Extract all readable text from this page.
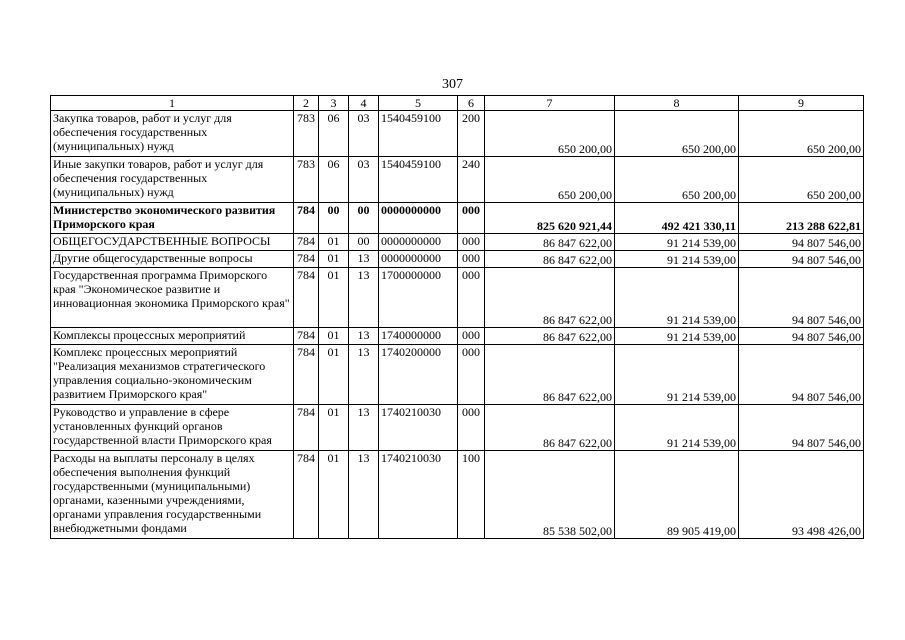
307
1	2	3	4	5	6	7	8	9
Закупка товаров, работ и услуг для обеспечения государственных (муниципальных) нужд	783	06	03	1540459100	200	650 200,00	650 200,00	650 200,00
Иные закупки товаров, работ и услуг для обеспечения государственных (муниципальных) нужд	783	06	03	1540459100	240	650 200,00	650 200,00	650 200,00
Министерство экономического развития Приморского края	784	00	00	0000000000	000	825 620 921,44	492 421 330,11	213 288 622,81
ОБЩЕГОСУДАРСТВЕННЫЕ ВОПРОСЫ	784	01	00	0000000000	000	86 847 622,00	91 214 539,00	94 807 546,00
Другие общегосударственные вопросы	784	01	13	0000000000	000	86 847 622,00	91 214 539,00	94 807 546,00
Государственная программа Приморского края "Экономическое развитие и инновационная экономика Приморского края"	784	01	13	1700000000	000	86 847 622,00	91 214 539,00	94 807 546,00
Комплексы процессных мероприятий	784	01	13	1740000000	000	86 847 622,00	91 214 539,00	94 807 546,00
Комплекс процессных мероприятий "Реализация механизмов стратегического управления социально-экономическим развитием Приморского края"	784	01	13	1740200000	000	86 847 622,00	91 214 539,00	94 807 546,00
Руководство и управление в сфере установленных функций органов государственной власти Приморского края	784	01	13	1740210030	000	86 847 622,00	91 214 539,00	94 807 546,00
Расходы на выплаты персоналу в целях обеспечения выполнения функций государственными (муниципальными) органами, казенными учреждениями, органами управления государственными внебюджетными фондами	784	01	13	1740210030	100	85 538 502,00	89 905 419,00	93 498 426,00
